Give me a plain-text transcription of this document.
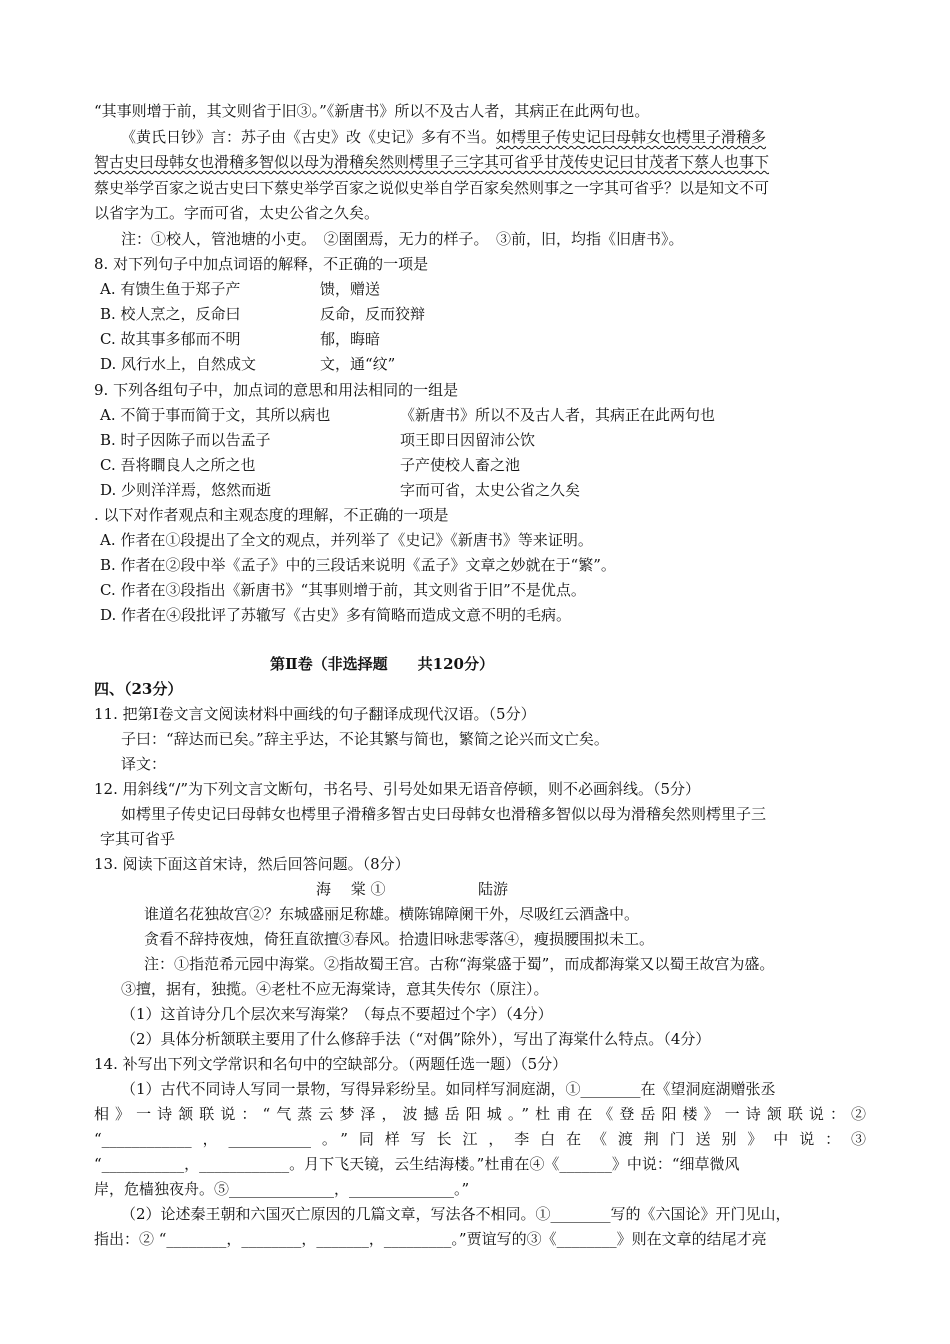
“其事则增于前，其文则省于旧③。”《新唐书》所以不及古人者，其病正在此两句也。
《黄氏日钞》言：苏子由《古史》改《史记》多有不当。如樗里子传史记曰母韩女也樗里子滑稽多
智古史曰母韩女也滑稽多智似以母为滑稽矣然则樗里子三字其可省乎甘茂传史记曰甘茂者下蔡人也事下
蔡史举学百家之说古史曰下蔡史举学百家之说似史举自学百家矣然则事之一字其可省乎？以是知文不可
以省字为工。字而可省，太史公省之久矣。
注：①校人，管池塘的小吏。　②圉圉焉，无力的样子。　③前，旧，均指《旧唐书》。
8. 对下列句子中加点词语的解释，不正确的一项是
A. 有馈生鱼于郑子产	馈，赠送
B. 校人烹之，反命曰	反命，反而狡辩
C. 故其事多郁而不明	郁，晦暗
D. 风行水上，自然成文	文，通“纹”
9. 下列各组句子中，加点词的意思和用法相同的一组是
A. 不简于事而简于文，其所以病也	《新唐书》所以不及古人者，其病正在此两句也
B. 时子因陈子而以告孟子	项王即日因留沛公饮
C. 吾将瞷良人之所之也	子产使校人畜之池
D. 少则洋洋焉，悠然而逝	字而可省，太史公省之久矣
. 以下对作者观点和主观态度的理解，不正确的一项是
A. 作者在①段提出了全文的观点，并列举了《史记》《新唐书》等来证明。
B. 作者在②段中举《孟子》中的三段话来说明《孟子》文章之妙就在于“繁”。
C. 作者在③段指出《新唐书》“其事则增于前，其文则省于旧”不是优点。
D. 作者在④段批评了苏辙写《古史》多有简略而造成文意不明的毛病。
第Ⅱ卷（非选择题　　共120分）
四、（23分）
11. 把第Ⅰ卷文言文阅读材料中画线的句子翻译成现代汉语。（5分）
子曰：“辞达而已矣。”辞主乎达，不论其繁与简也，繁简之论兴而文亡矣。
译文：
12. 用斜线“/”为下列文言文断句，书名号、引号处如果无语音停顿，则不必画斜线。（5分）
如樗里子传史记曰母韩女也樗里子滑稽多智古史曰母韩女也滑稽多智似以母为滑稽矣然则樗里子三
字其可省乎
13. 阅读下面这首宋诗，然后回答问题。（8分）
海　 棠 ①	陆游
谁道名花独故宫②？东城盛丽足称雄。横陈锦障阑干外，尽吸红云酒盏中。
贪看不辞持夜烛，倚狂直欲擅③春风。拾遗旧咏悲零落④，瘦损腰围拟未工。
注：①指范希元园中海棠。②指故蜀王宫。古称“海棠盛于蜀”，而成都海棠又以蜀王故宫为盛。
③擅，据有，独揽。④老杜不应无海棠诗，意其失传尔（原注）。
（1）这首诗分几个层次来写海棠？（每点不要超过个字）（4分）
（2）具体分析颔联主要用了什么修辞手法（“对偶”除外），写出了海棠什么特点。（4分）
14. 补写出下列文学常识和名句中的空缺部分。（两题任选一题）（5分）
（1）古代不同诗人写同一景物，写得异彩纷呈。如同样写洞庭湖，①________在《望洞庭湖赠张丞
相》一诗颔联说：“气蒸云梦泽，波撼岳阳城。”杜甫在《登岳阳楼》一诗颔联说：②
“____________，___________。”同样写长江，李白在《渡荆门送别》中说：③
“___________，____________。月下飞天镜，云生结海楼。”杜甫在④《_______》中说：“细草微风
岸，危樯独夜舟。⑤______________，______________。”
（2）论述秦王朝和六国灭亡原因的几篇文章，写法各不相同。①________写的《六国论》开门见山，
指出：② “________，________，_______，_________。”贾谊写的③《________》则在文章的结尾才亮
